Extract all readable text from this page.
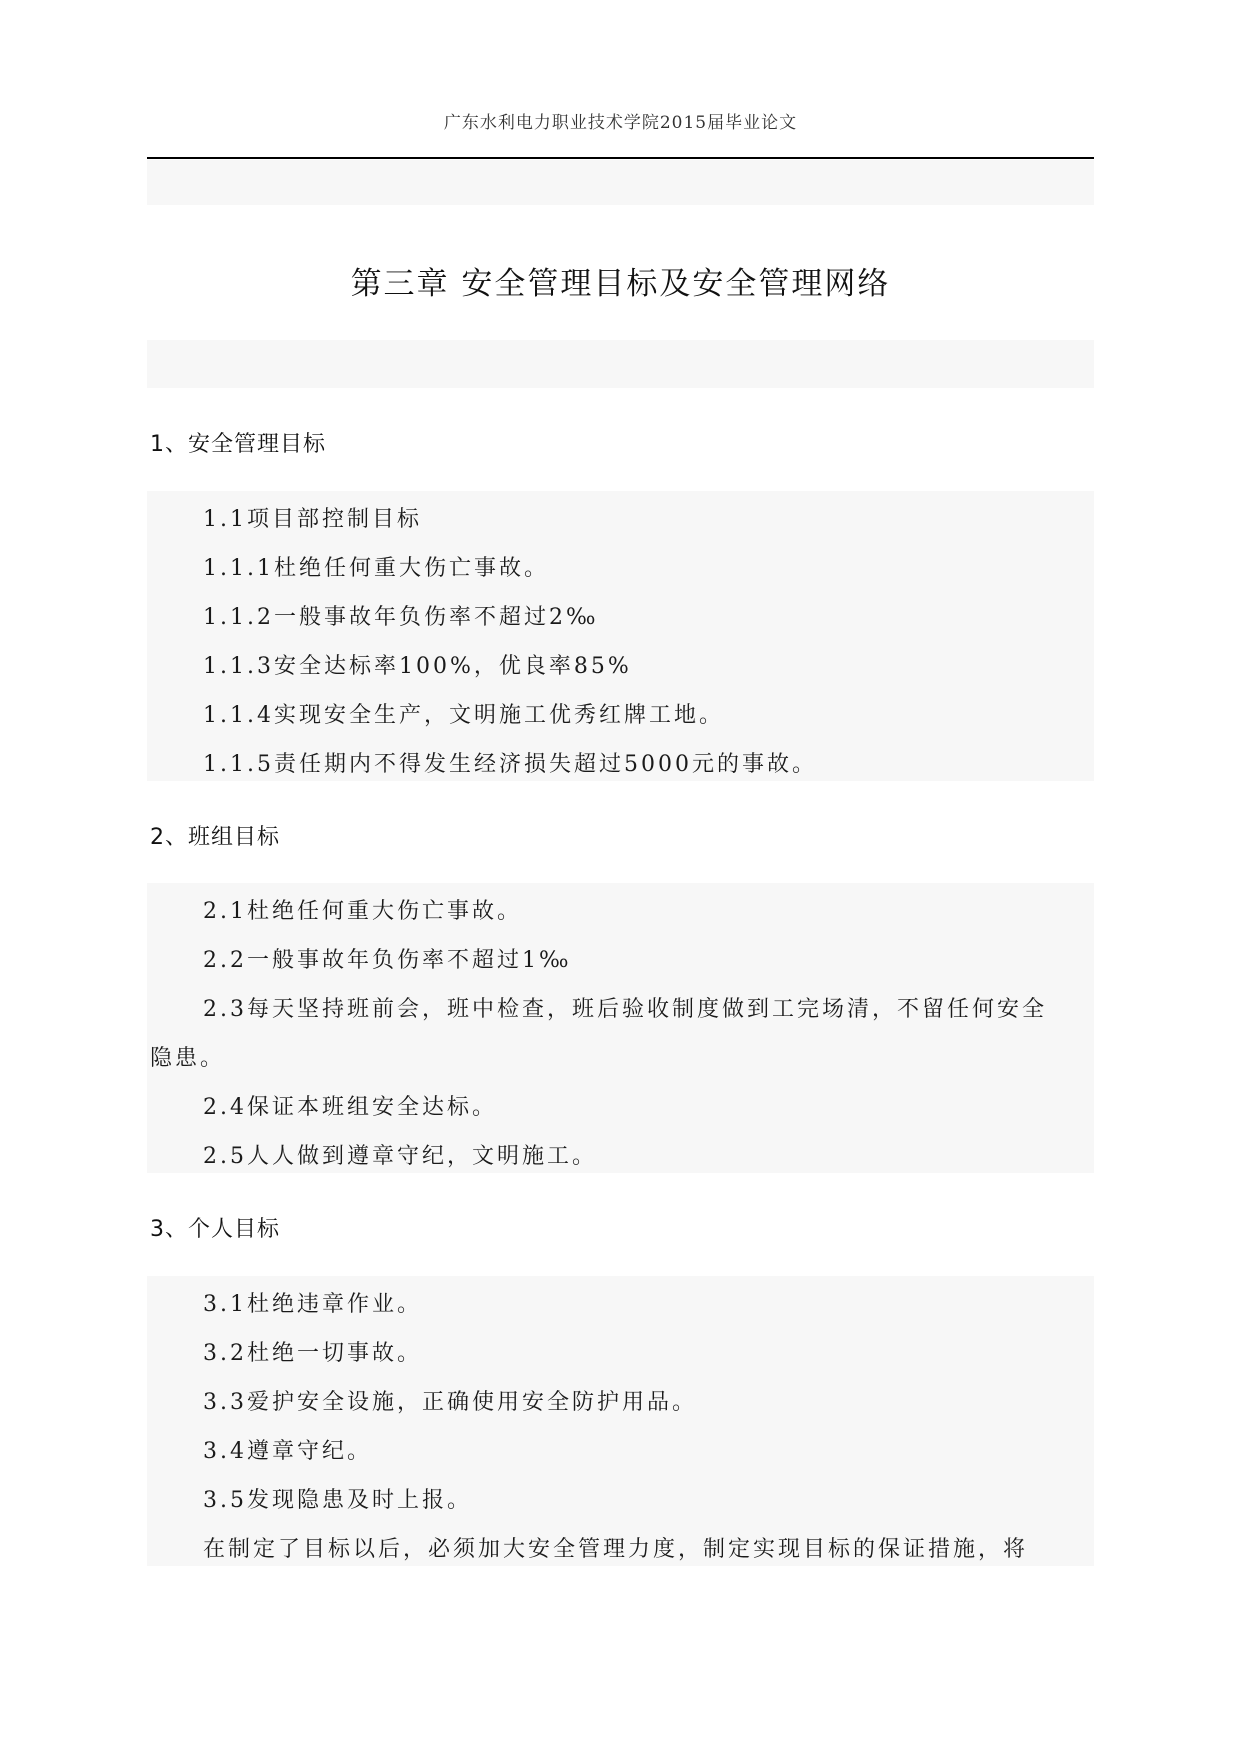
广东水利电力职业技术学院2015届毕业论文
第三章 安全管理目标及安全管理网络
1、安全管理目标
1.1项目部控制目标
1.1.1杜绝任何重大伤亡事故。
1.1.2一般事故年负伤率不超过2‰
1.1.3安全达标率100%，优良率85%
1.1.4实现安全生产，文明施工优秀红牌工地。
1.1.5责任期内不得发生经济损失超过5000元的事故。
2、班组目标
2.1杜绝任何重大伤亡事故。
2.2一般事故年负伤率不超过1‰
2.3每天坚持班前会，班中检查，班后验收制度做到工完场清，不留任何安全
隐患。
2.4保证本班组安全达标。
2.5人人做到遵章守纪，文明施工。
3、个人目标
3.1杜绝违章作业。
3.2杜绝一切事故。
3.3爱护安全设施，正确使用安全防护用品。
3.4遵章守纪。
3.5发现隐患及时上报。
在制定了目标以后，必须加大安全管理力度，制定实现目标的保证措施，将
